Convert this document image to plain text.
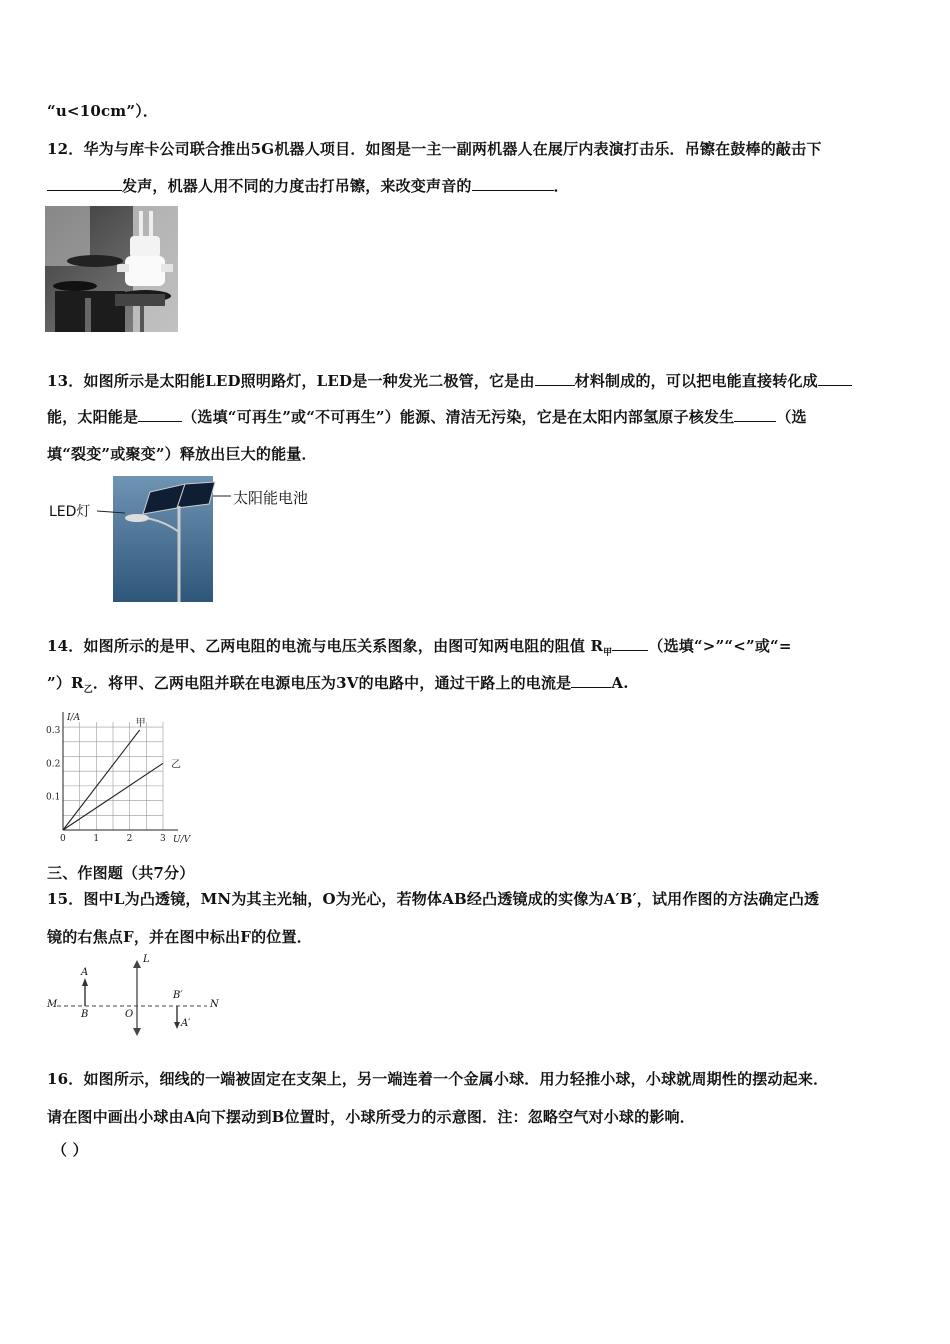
“u<10cm”）．
12．华为与库卡公司联合推出5G机器人项目．如图是一主一副两机器人在展厅内表演打击乐．吊镲在鼓棒的敲击下
发声，机器人用不同的力度击打吊镲，来改变声音的	．
13．如图所示是太阳能LED照明路灯，LED是一种发光二极管，它是由	材料制成的，可以把电能直接转化成
能，太阳能是	（选填“可再生”或“不可再生”）能源、清洁无污染，它是在太阳内部氢原子核发生	（选
填“裂变”或聚变”）释放出巨大的能量．
LED灯
太阳能电池
14．如图所示的是甲、乙两电阻的电流与电压关系图象，由图可知两电阻的阻值 $R_甲$ （选填“>”“<”或“=
$”)R_乙$．将甲、乙两电阻并联在电源电压为3V的电路中，通过干路上的电流是	A.
0	1	2	3
0.1
0.2
0.3
U/V
I/A	甲
乙
三、作图题（共7分）
15．图中L为凸透镜，MN为其主光轴，O为光心，若物体AB经凸透镜成的实像为A′B′，试用作图的方法确定凸透
镜的右焦点F，并在图中标出F的位置．
A
B
M	N
L
O
B′
A′
16．如图所示，细线的一端被固定在支架上，另一端连着一个金属小球．用力轻推小球，小球就周期性的摆动起来．
请在图中画出小球由A向下摆动到B位置时，小球所受力的示意图．注：忽略空气对小球的影响．
（ ）
